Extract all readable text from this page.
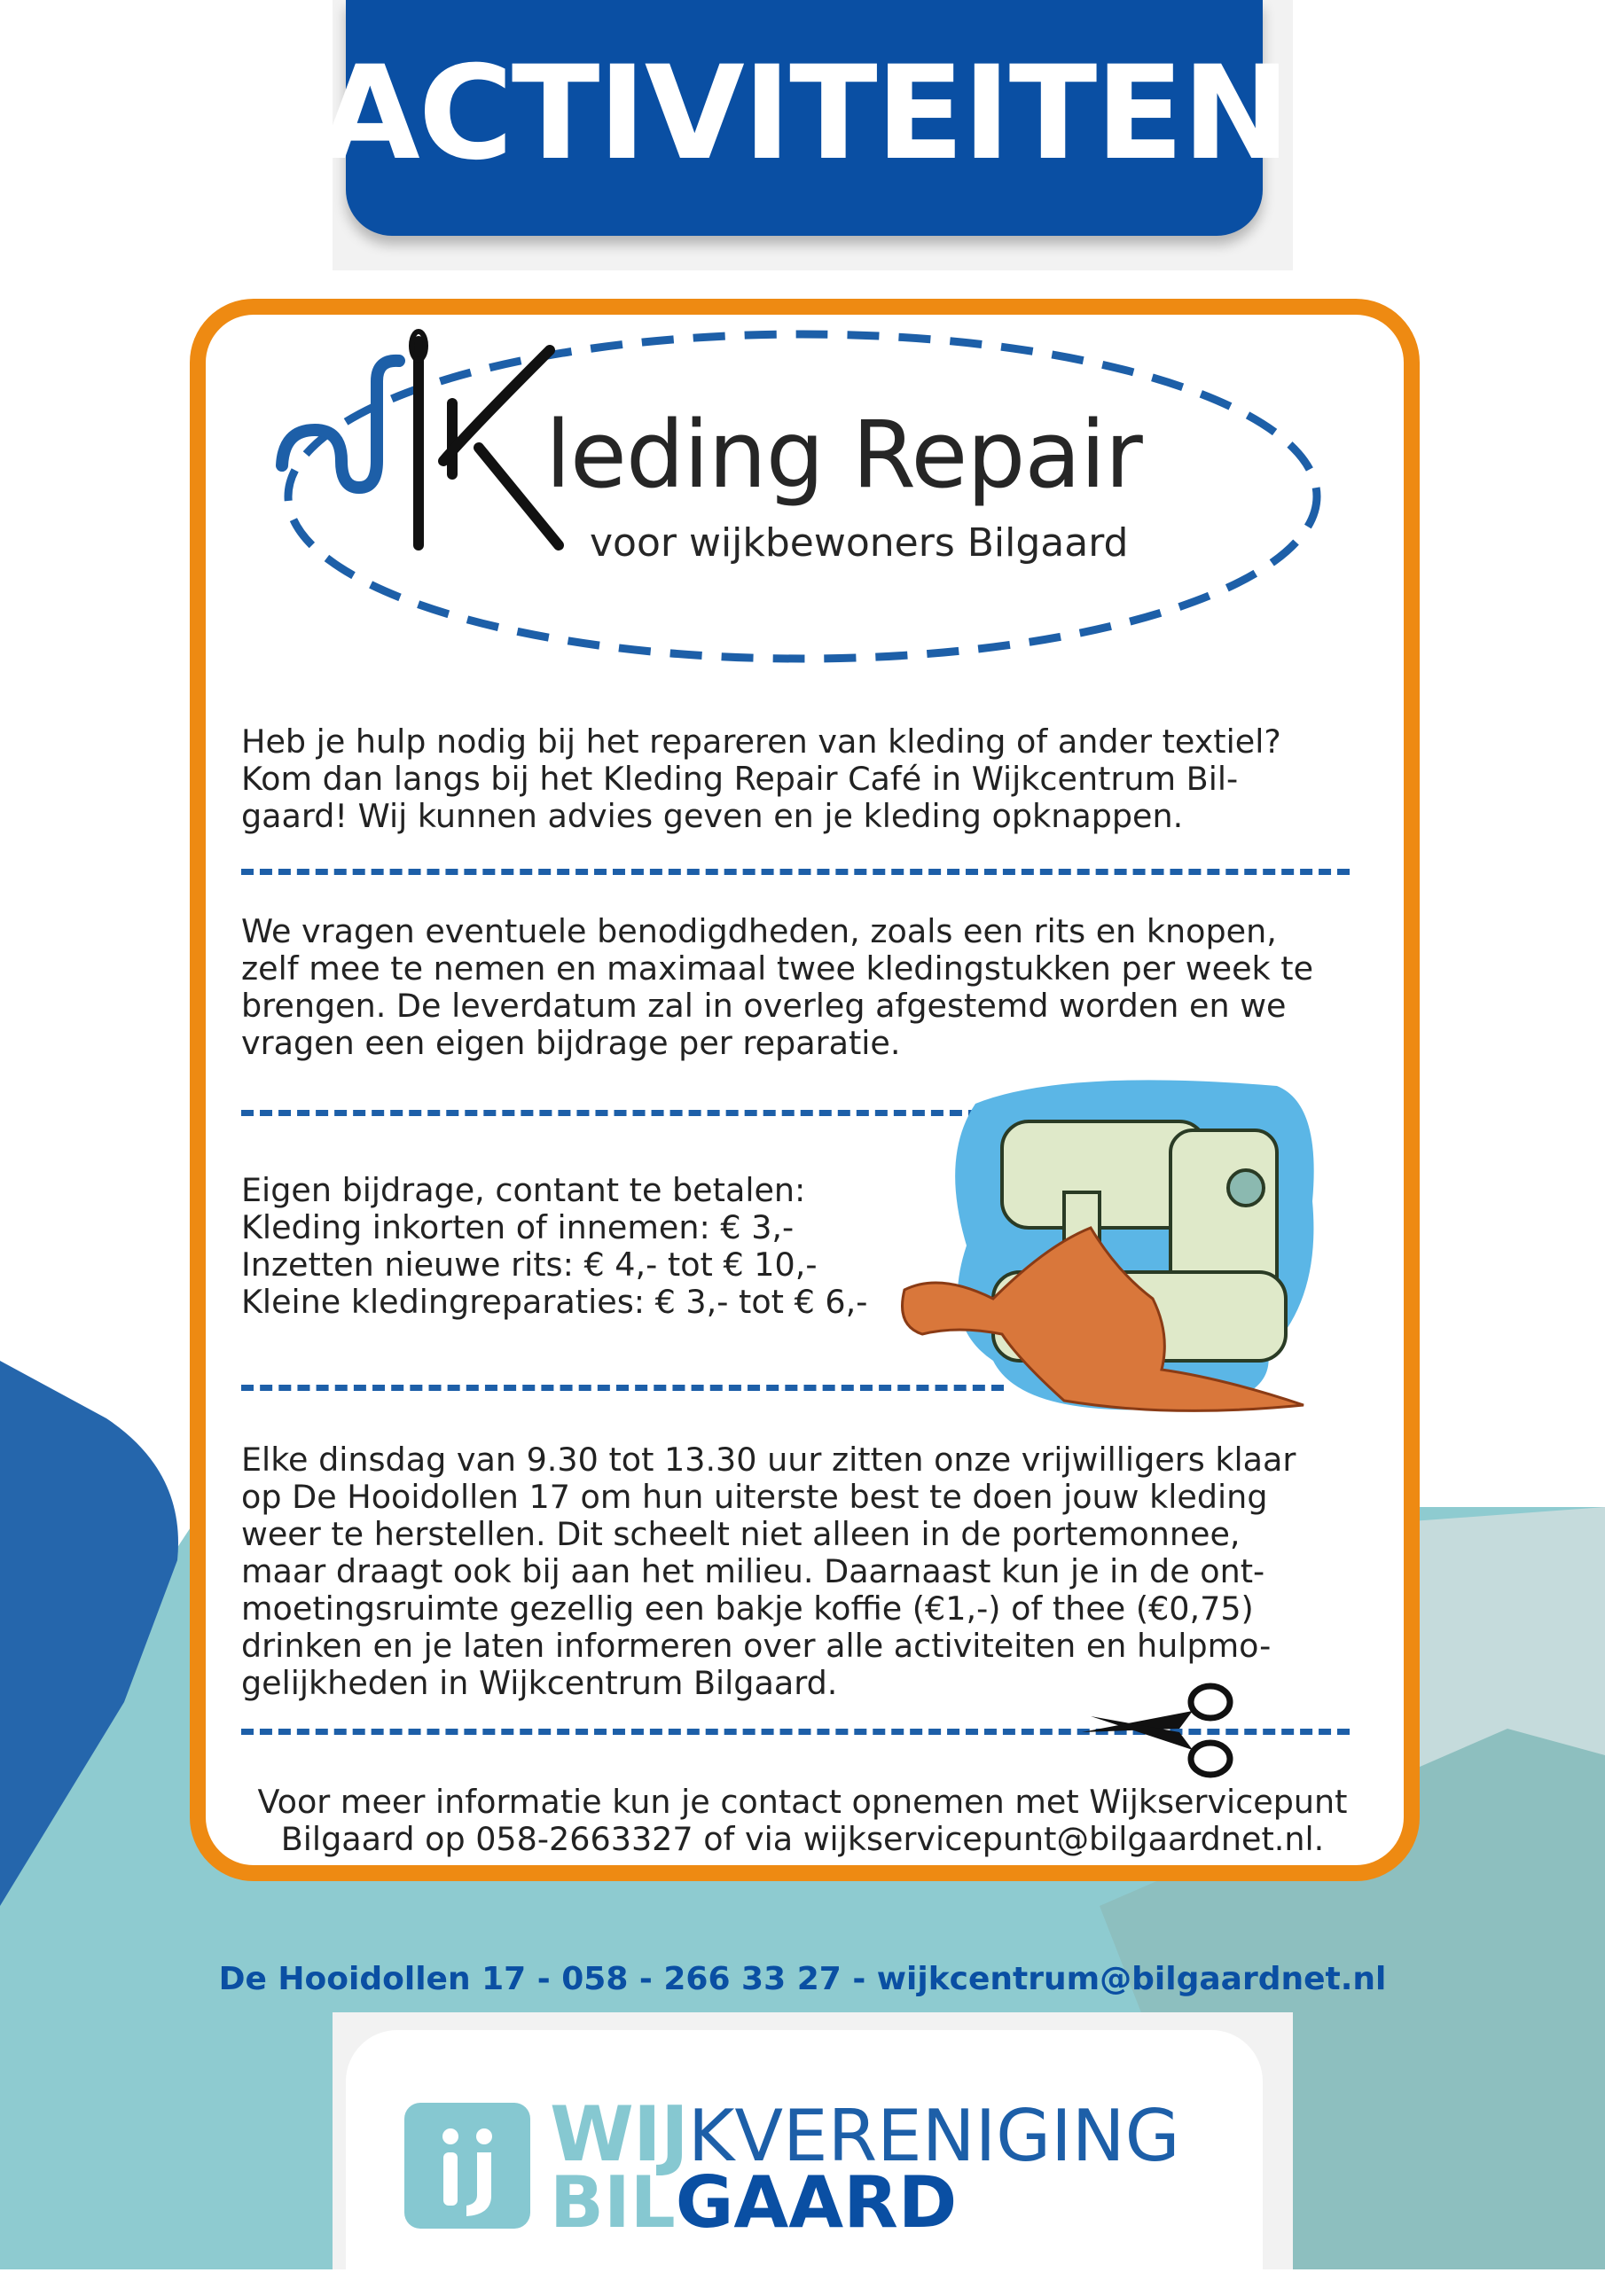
ACTIVITEITEN
leding Repair
voor wijkbewoners Bilgaard
Heb je hulp nodig bij het repareren van kleding of ander textiel?
Kom dan langs bij het Kleding Repair Café in Wijkcentrum Bil-
gaard! Wij kunnen advies geven en je kleding opknappen.
We vragen eventuele benodigdheden, zoals een rits en knopen,
zelf mee te nemen en maximaal twee kledingstukken per week te
brengen. De leverdatum zal in overleg afgestemd worden en we
vragen een eigen bijdrage per reparatie.
Eigen bijdrage, contant te betalen:
Kleding inkorten of innemen: € 3,-
Inzetten nieuwe rits: € 4,- tot € 10,-
Kleine kledingreparaties: € 3,- tot € 6,-
Elke dinsdag van 9.30 tot 13.30 uur zitten onze vrijwilligers klaar
op De Hooidollen 17 om hun uiterste best te doen jouw kleding
weer te herstellen. Dit scheelt niet alleen in de portemonnee,
maar draagt ook bij aan het milieu. Daarnaast kun je in de ont-
moetingsruimte gezellig een bakje koffie (€1,-) of thee (€0,75)
drinken en je laten informeren over alle activiteiten en hulpmo-
gelijkheden in Wijkcentrum Bilgaard.
Voor meer informatie kun je contact opnemen met Wijkservicepunt
Bilgaard op 058-2663327 of via wijkservicepunt@bilgaardnet.nl.
De Hooidollen 17 - 058 - 266 33 27 - wijkcentrum@bilgaardnet.nl
WIJKVERENIGING
BILGAARD
